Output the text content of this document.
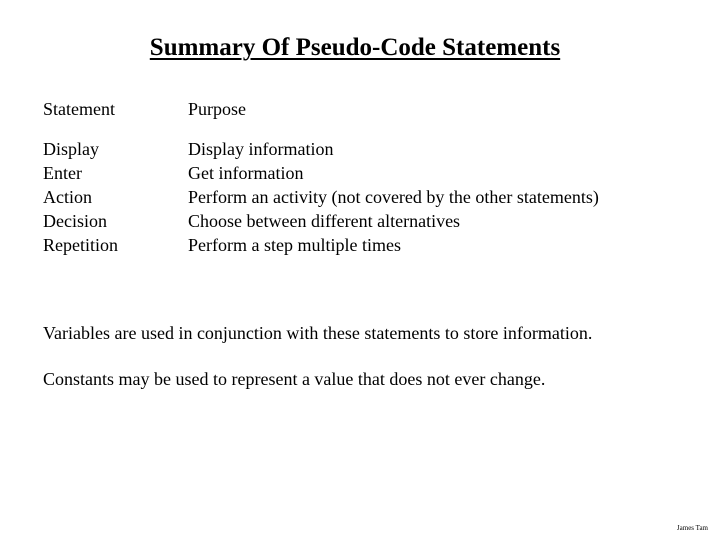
Summary Of Pseudo-Code Statements
Statement	Purpose
Display	Display information
Enter	Get information
Action	Perform an activity (not covered by the other statements)
Decision	Choose between different alternatives
Repetition	Perform a step multiple times
Variables are used in conjunction with these statements to store information.
Constants may be used to represent a value that does not ever change.
James Tam
